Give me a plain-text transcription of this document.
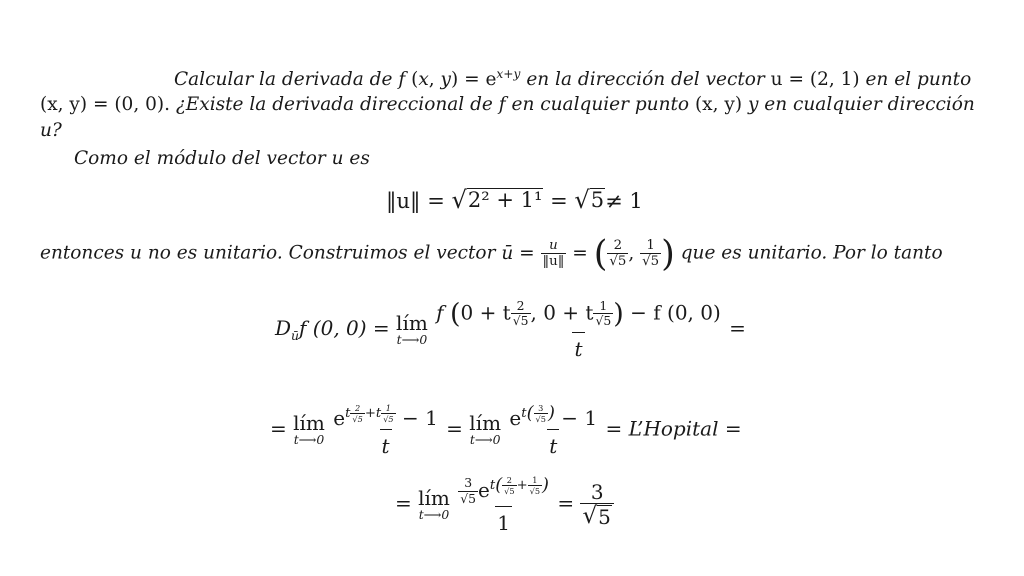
Calcular la derivada de f (x, $y) = e^{x+y}$ en la dirección del vector u = (2, 1) en el punto
(x, y) = (0, 0). ¿Existe la derivada direccional de f en cualquier punto (x, y) y en cualquier dirección
u?
Como el módulo del vector u es
‖u‖ = √ 2² + 1¹ = √ 5 ≠ 1
entonces u no es unitario. Construimos el vector ū = $\frac{u}{‖u‖}$ = ( $\frac{2}{√5}$ , $\frac{1}{√5}$ ) que es unitario. Por lo tanto
$D_ūf$ (0, 0) = lím
t⟶0
$\frac{f (0 + t \frac{2}{√5} , 0 + t \frac{1}{√5} ) - f (0, 0)}{t}$ =
= lím
t⟶0
$e^{t \frac{2}{√5} +t \frac{1}{√5}} - 1$
t = lím
t⟶0
$e^{t( \frac{3}{√5} )} - 1$
t = L’Hopital =
= lím
t⟶0
$\frac{3}{√5} e^{t( \frac{2}{√5} + \frac{1}{√5} )}$
$1 = \frac{3}{√ 5}$
